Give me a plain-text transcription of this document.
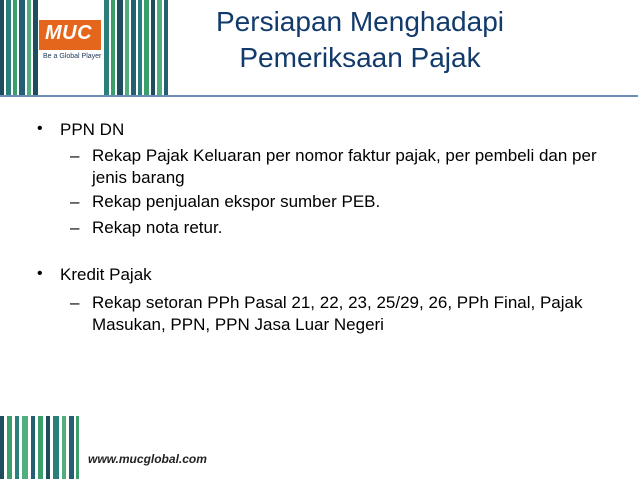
MUC
Be a Global Player
Persiapan Menghadapi
Pemeriksaan Pajak
• PPN DN
– Rekap Pajak Keluaran per nomor faktur pajak, per pembeli dan per jenis barang
– Rekap penjualan ekspor sumber PEB.
– Rekap nota retur.
• Kredit Pajak
– Rekap setoran PPh Pasal 21, 22, 23, 25/29, 26, PPh Final, Pajak Masukan, PPN, PPN Jasa Luar Negeri
www.mucglobal.com
